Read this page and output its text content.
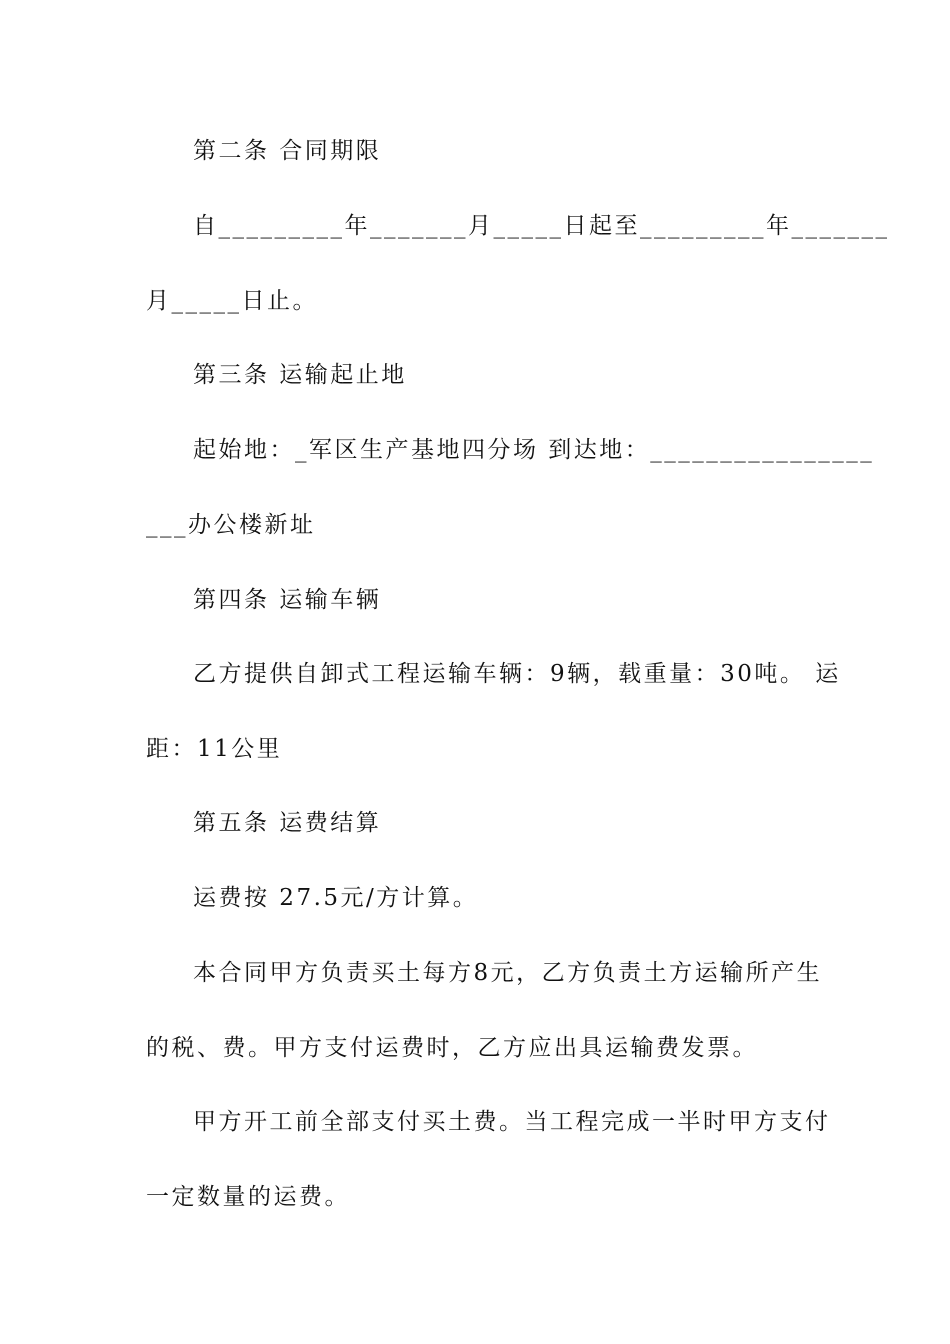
第二条 合同期限
自_________年_______月_____日起至_________年_______
月_____日止。
第三条 运输起止地
起始地：_军区生产基地四分场 到达地：________________
___办公楼新址
第四条 运输车辆
乙方提供自卸式工程运输车辆：9辆，载重量：30吨。 运
距：11公里
第五条 运费结算
运费按 27.5元/方计算。
本合同甲方负责买土每方8元，乙方负责土方运输所产生
的税、费。甲方支付运费时，乙方应出具运输费发票。
甲方开工前全部支付买土费。当工程完成一半时甲方支付
一定数量的运费。
